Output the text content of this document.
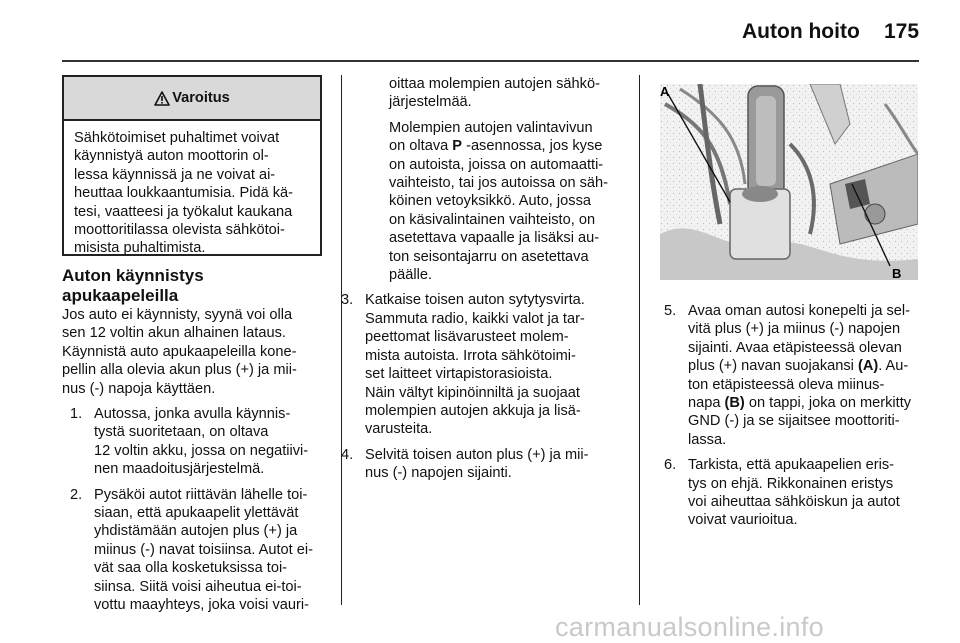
Auton hoito 175
Varoitus
Sähkötoimiset puhaltimet voivat
käynnistyä auton moottorin ol-
lessa käynnissä ja ne voivat ai-
heuttaa loukkaantumisia. Pidä kä-
tesi, vaatteesi ja työkalut kaukana
moottoritilassa olevista sähkötoi-
misista puhaltimista.
Auton käynnistys
apukaapeleilla
Jos auto ei käynnisty, syynä voi olla
sen 12 voltin akun alhainen lataus.
Käynnistä auto apukaapeleilla kone-
pellin alla olevia akun plus (+) ja mii-
nus (-) napoja käyttäen.
1. Autossa, jonka avulla käynnis-
tystä suoritetaan, on oltava
12 voltin akku, jossa on negatiivi-
nen maadoitusjärjestelmä.
2. Pysäköi autot riittävän lähelle toi-
siaan, että apukaapelit ylettävät
yhdistämään autojen plus (+) ja
miinus (-) navat toisiinsa. Autot ei-
vät saa olla kosketuksissa toi-
siinsa. Siitä voisi aiheutua ei-toi-
vottu maayhteys, joka voisi vauri-
oittaa molempien autojen sähkö-
järjestelmää.
Molempien autojen valintavivun
on oltava P -asennossa, jos kyse
on autoista, joissa on automaatti-
vaihteisto, tai jos autoissa on säh-
köinen vetoyksikkö. Auto, jossa
on käsivalintainen vaihteisto, on
asetettava vapaalle ja lisäksi au-
ton seisontajarru on asetettava
päälle.
3. Katkaise toisen auton sytytysvirta.
Sammuta radio, kaikki valot ja tar-
peettomat lisävarusteet molem-
mista autoista. Irrota sähkötoimi-
set laitteet virtapistorasioista.
Näin vältyt kipinöinniltä ja suojaat
molempien autojen akkuja ja lisä-
varusteita.
4. Selvitä toisen auton plus (+) ja mii-
nus (-) napojen sijainti.
A
B
5. Avaa oman autosi konepelti ja sel-
vitä plus (+) ja miinus (-) napojen
sijainti. Avaa etäpisteessä olevan
plus (+) navan suojakansi (A). Au-
ton etäpisteessä oleva miinus-
napa (B) on tappi, joka on merkitty
GND (-) ja se sijaitsee moottoriti-
lassa.
6. Tarkista, että apukaapelien eris-
tys on ehjä. Rikkonainen eristys
voi aiheuttaa sähköiskun ja autot
voivat vaurioitua.
carmanualsonline.info
